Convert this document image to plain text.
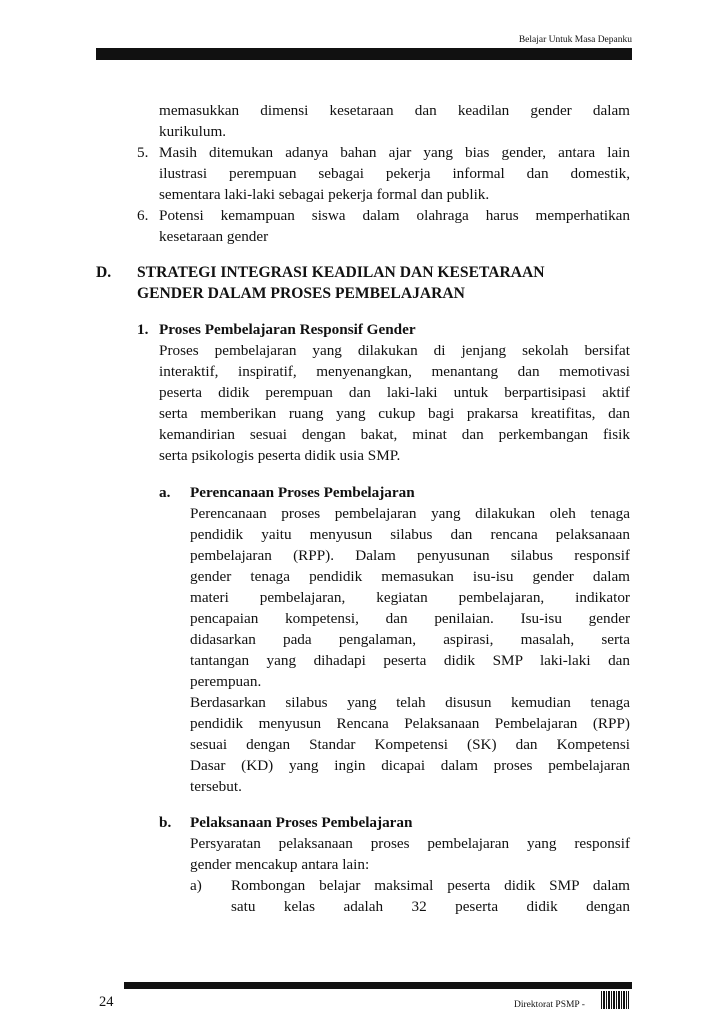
Belajar Untuk Masa Depanku
memasukkan dimensi kesetaraan dan keadilan gender dalam
kurikulum.
5. Masih ditemukan adanya bahan ajar yang bias gender, antara lain
ilustrasi perempuan sebagai pekerja informal dan domestik,
sementara laki-laki sebagai pekerja formal dan publik.
6. Potensi kemampuan siswa dalam olahraga harus memperhatikan
kesetaraan gender
D. STRATEGI INTEGRASI KEADILAN DAN KESETARAAN
GENDER DALAM PROSES PEMBELAJARAN
1. Proses Pembelajaran Responsif Gender
Proses pembelajaran yang dilakukan di jenjang sekolah bersifat
interaktif, inspiratif, menyenangkan, menantang dan memotivasi
peserta didik perempuan dan laki-laki untuk berpartisipasi aktif
serta memberikan ruang yang cukup bagi prakarsa kreatifitas, dan
kemandirian sesuai dengan bakat, minat dan perkembangan fisik
serta psikologis peserta didik usia SMP.
a. Perencanaan Proses Pembelajaran
Perencanaan proses pembelajaran yang dilakukan oleh tenaga
pendidik yaitu menyusun silabus dan rencana pelaksanaan
pembelajaran (RPP). Dalam penyusunan silabus responsif
gender tenaga pendidik memasukan isu-isu gender dalam
materi pembelajaran, kegiatan pembelajaran, indikator
pencapaian kompetensi, dan penilaian. Isu-isu gender
didasarkan pada pengalaman, aspirasi, masalah, serta
tantangan yang dihadapi peserta didik SMP laki-laki dan
perempuan.
Berdasarkan silabus yang telah disusun kemudian tenaga
pendidik menyusun Rencana Pelaksanaan Pembelajaran (RPP)
sesuai dengan Standar Kompetensi (SK) dan Kompetensi
Dasar (KD) yang ingin dicapai dalam proses pembelajaran
tersebut.
b. Pelaksanaan Proses Pembelajaran
Persyaratan pelaksanaan proses pembelajaran yang responsif
gender mencakup antara lain:
a) Rombongan belajar maksimal peserta didik SMP dalam
satu kelas adalah 32 peserta didik dengan
24	Direktorat PSMP -
